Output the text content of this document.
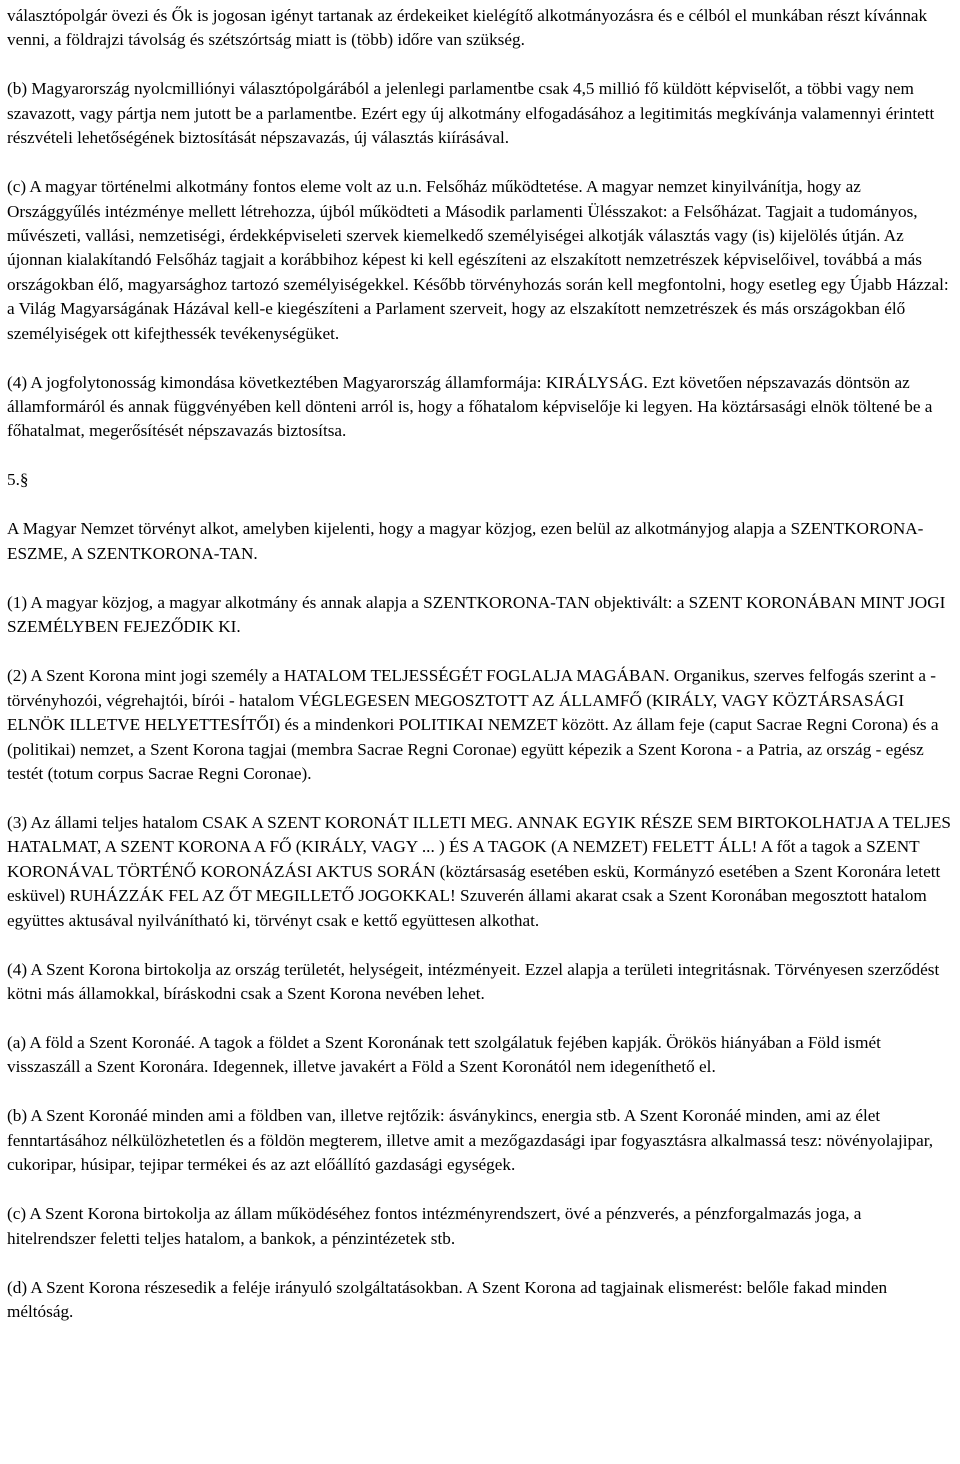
választópolgár övezi és Ők is jogosan igényt tartanak az érdekeiket kielégítő alkotmányozásra és e célból el munkában részt kívánnak venni, a földrajzi távolság és szétszórtság miatt is (több) időre van szükség.

(b) Magyarország nyolcmilliónyi választópolgárából a jelenlegi parlamentbe csak 4,5 millió fő küldött képviselőt, a többi vagy nem szavazott, vagy pártja nem jutott be a parlamentbe. Ezért egy új alkotmány elfogadásához a legitimitás megkívánja valamennyi érintett részvételi lehetőségének biztosítását népszavazás, új választás kiírásával.

(c) A magyar történelmi alkotmány fontos eleme volt az u.n. Felsőház működtetése. A magyar nemzet kinyilvánítja, hogy az Országgyűlés intézménye mellett létrehozza, újból működteti a Második parlamenti Ülésszakot: a Felsőházat. Tagjait a tudományos, művészeti, vallási, nemzetiségi, érdekképviseleti szervek kiemelkedő személyiségei alkotják választás vagy (is) kijelölés útján. Az újonnan kialakítandó Felsőház tagjait a korábbihoz képest ki kell egészíteni az elszakított nemzetrészek képviselőivel, továbbá a más országokban élő, magyarsághoz tartozó személyiségekkel. Később törvényhozás során kell megfontolni, hogy esetleg egy Újabb Házzal: a Világ Magyarságának Házával kell-e kiegészíteni a Parlament szerveit, hogy az elszakított nemzetrészek és más országokban élő személyiségek ott kifejthessék tevékenységüket.

(4) A jogfolytonosság kimondása következtében Magyarország államformája: KIRÁLYSÁG. Ezt követően népszavazás döntsön az államformáról és annak függvényében kell dönteni arról is, hogy a főhatalom képviselője ki legyen. Ha köztársasági elnök töltené be a főhatalmat, megerősítését népszavazás biztosítsa.

5.§

A Magyar Nemzet törvényt alkot, amelyben kijelenti, hogy a magyar közjog, ezen belül az alkotmányjog alapja a SZENTKORONA-ESZME, A SZENTKORONA-TAN.

(1) A magyar közjog, a magyar alkotmány és annak alapja a SZENTKORONA-TAN objektivált: a SZENT KORONÁBAN MINT JOGI SZEMÉLYBEN FEJEZŐDIK KI.

(2) A Szent Korona mint jogi személy a HATALOM TELJESSÉGÉT FOGLALJA MAGÁBAN. Organikus, szerves felfogás szerint a - törvényhozói, végrehajtói, bírói - hatalom VÉGLEGESEN MEGOSZTOTT AZ ÁLLAMFŐ (KIRÁLY, VAGY KÖZTÁRSASÁGI ELNÖK ILLETVE HELYETTESÍTŐI) és a mindenkori POLITIKAI NEMZET között. Az állam feje (caput Sacrae Regni Corona) és a (politikai) nemzet, a Szent Korona tagjai (membra Sacrae Regni Coronae) együtt képezik a Szent Korona - a Patria, az ország - egész testét (totum corpus Sacrae Regni Coronae).

(3) Az állami teljes hatalom CSAK A SZENT KORONÁT ILLETI MEG. ANNAK EGYIK RÉSZE SEM BIRTOKOLHATJA A TELJES HATALMAT, A SZENT KORONA A FŐ (KIRÁLY, VAGY ... ) ÉS A TAGOK (A NEMZET) FELETT ÁLL! A főt a tagok a SZENT KORONÁVAL TÖRTÉNŐ KORONÁZÁSI AKTUS SORÁN (köztársaság esetében eskü, Kormányzó esetében a Szent Koronára letett esküvel) RUHÁZZÁK FEL AZ ŐT MEGILLETŐ JOGOKKAL! Szuverén állami akarat csak a Szent Koronában megosztott hatalom együttes aktusával nyilvánítható ki, törvényt csak e kettő együttesen alkothat.

(4) A Szent Korona birtokolja az ország területét, helységeit, intézményeit. Ezzel alapja a területi integritásnak. Törvényesen szerződést kötni más államokkal, bíráskodni csak a Szent Korona nevében lehet.

(a) A föld a Szent Koronáé. A tagok a földet a Szent Koronának tett szolgálatuk fejében kapják. Örökös hiányában a Föld ismét visszaszáll a Szent Koronára. Idegennek, illetve javakért a Föld a Szent Koronától nem idegeníthető el.

(b) A Szent Koronáé minden ami a földben van, illetve rejtőzik: ásványkincs, energia stb. A Szent Koronáé minden, ami az élet fenntartásához nélkülözhetetlen és a földön megterem, illetve amit a mezőgazdasági ipar fogyasztásra alkalmassá tesz: növényolajipar, cukoripar, húsipar, tejipar termékei és az azt előállító gazdasági egységek.

(c) A Szent Korona birtokolja az állam működéséhez fontos intézményrendszert, övé a pénzverés, a pénzforgalmazás joga, a hitelrendszer feletti teljes hatalom, a bankok, a pénzintézetek stb.

(d) A Szent Korona részesedik a feléje irányuló szolgáltatásokban. A Szent Korona ad tagjainak elismerést: belőle fakad minden méltóság.
